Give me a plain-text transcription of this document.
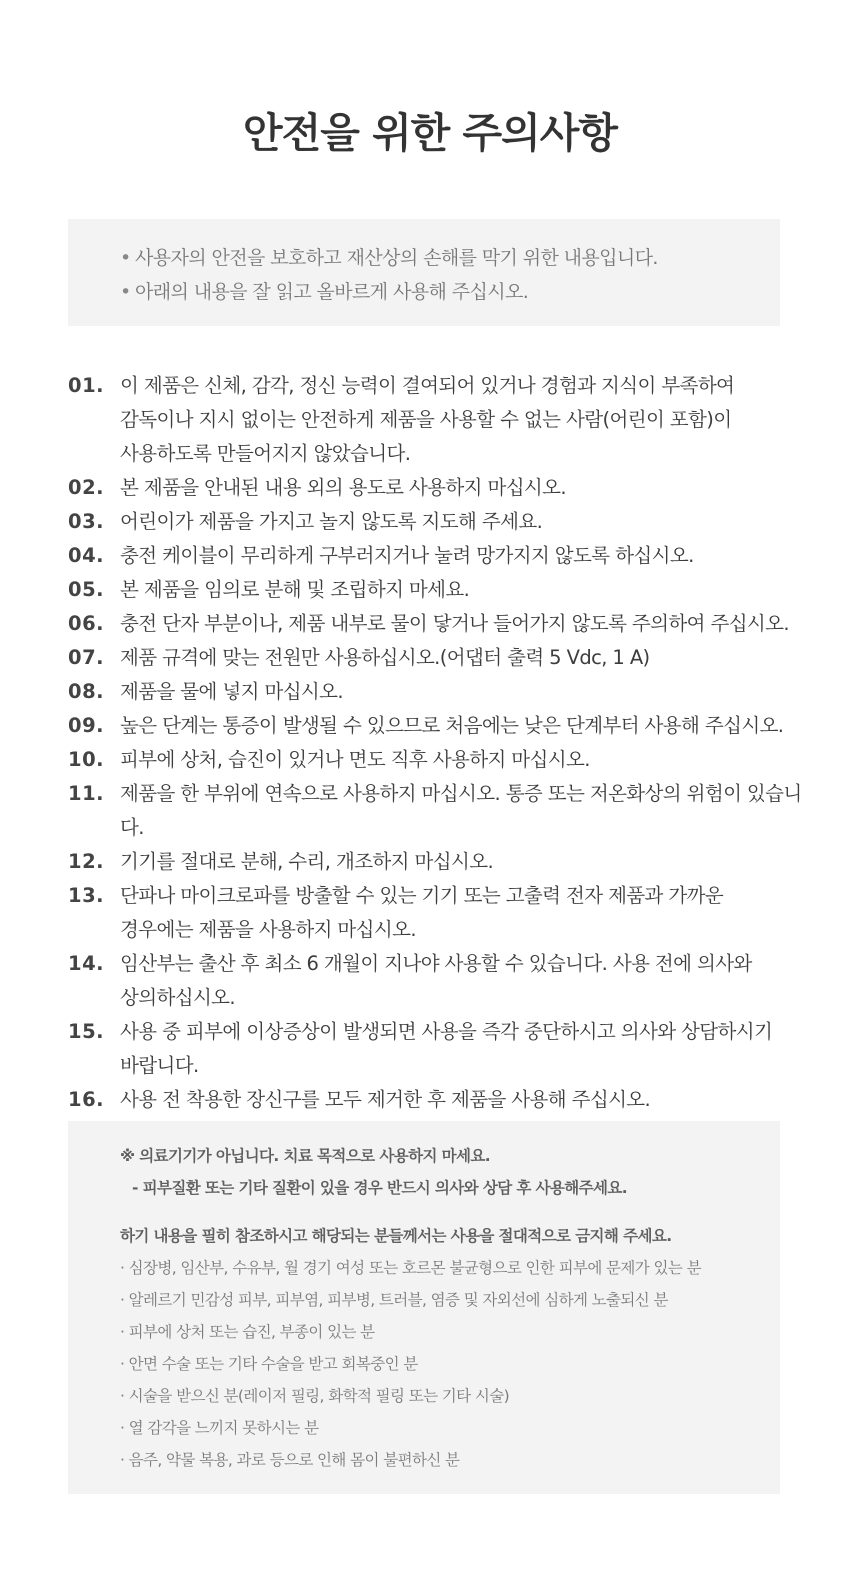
안전을 위한 주의사항
• 사용자의 안전을 보호하고 재산상의 손해를 막기 위한 내용입니다.
• 아래의 내용을 잘 읽고 올바르게 사용해 주십시오.
01. 이 제품은 신체, 감각, 정신 능력이 결여되어 있거나 경험과 지식이 부족하여
감독이나 지시 없이는 안전하게 제품을 사용할 수 없는 사람(어린이 포함)이
사용하도록 만들어지지 않았습니다.
02. 본 제품을 안내된 내용 외의 용도로 사용하지 마십시오.
03. 어린이가 제품을 가지고 놀지 않도록 지도해 주세요.
04. 충전 케이블이 무리하게 구부러지거나 눌려 망가지지 않도록 하십시오.
05. 본 제품을 임의로 분해 및 조립하지 마세요.
06. 충전 단자 부분이나, 제품 내부로 물이 닿거나 들어가지 않도록 주의하여 주십시오.
07. 제품 규격에 맞는 전원만 사용하십시오.(어댑터 출력 5 Vdc, 1 A)
08. 제품을 물에 넣지 마십시오.
09. 높은 단계는 통증이 발생될 수 있으므로 처음에는 낮은 단계부터 사용해 주십시오.
10. 피부에 상처, 습진이 있거나 면도 직후 사용하지 마십시오.
11. 제품을 한 부위에 연속으로 사용하지 마십시오. 통증 또는 저온화상의 위험이 있습니다.
12. 기기를 절대로 분해, 수리, 개조하지 마십시오.
13. 단파나 마이크로파를 방출할 수 있는 기기 또는 고출력 전자 제품과 가까운
경우에는 제품을 사용하지 마십시오.
14. 임산부는 출산 후 최소 6 개월이 지나야 사용할 수 있습니다. 사용 전에 의사와
상의하십시오.
15. 사용 중 피부에 이상증상이 발생되면 사용을 즉각 중단하시고 의사와 상담하시기
바랍니다.
16. 사용 전 착용한 장신구를 모두 제거한 후 제품을 사용해 주십시오.
※ 의료기기가 아닙니다. 치료 목적으로 사용하지 마세요.
- 피부질환 또는 기타 질환이 있을 경우 반드시 의사와 상담 후 사용해주세요.
하기 내용을 필히 참조하시고 해당되는 분들께서는 사용을 절대적으로 금지해 주세요.
· 심장병, 임산부, 수유부, 월 경기 여성 또는 호르몬 불균형으로 인한 피부에 문제가 있는 분
· 알레르기 민감성 피부, 피부염, 피부병, 트러블, 염증 및 자외선에 심하게 노출되신 분
· 피부에 상처 또는 습진, 부종이 있는 분
· 안면 수술 또는 기타 수술을 받고 회복중인 분
· 시술을 받으신 분(레이저 필링, 화학적 필링 또는 기타 시술)
· 열 감각을 느끼지 못하시는 분
· 음주, 약물 복용, 과로 등으로 인해 몸이 불편하신 분
